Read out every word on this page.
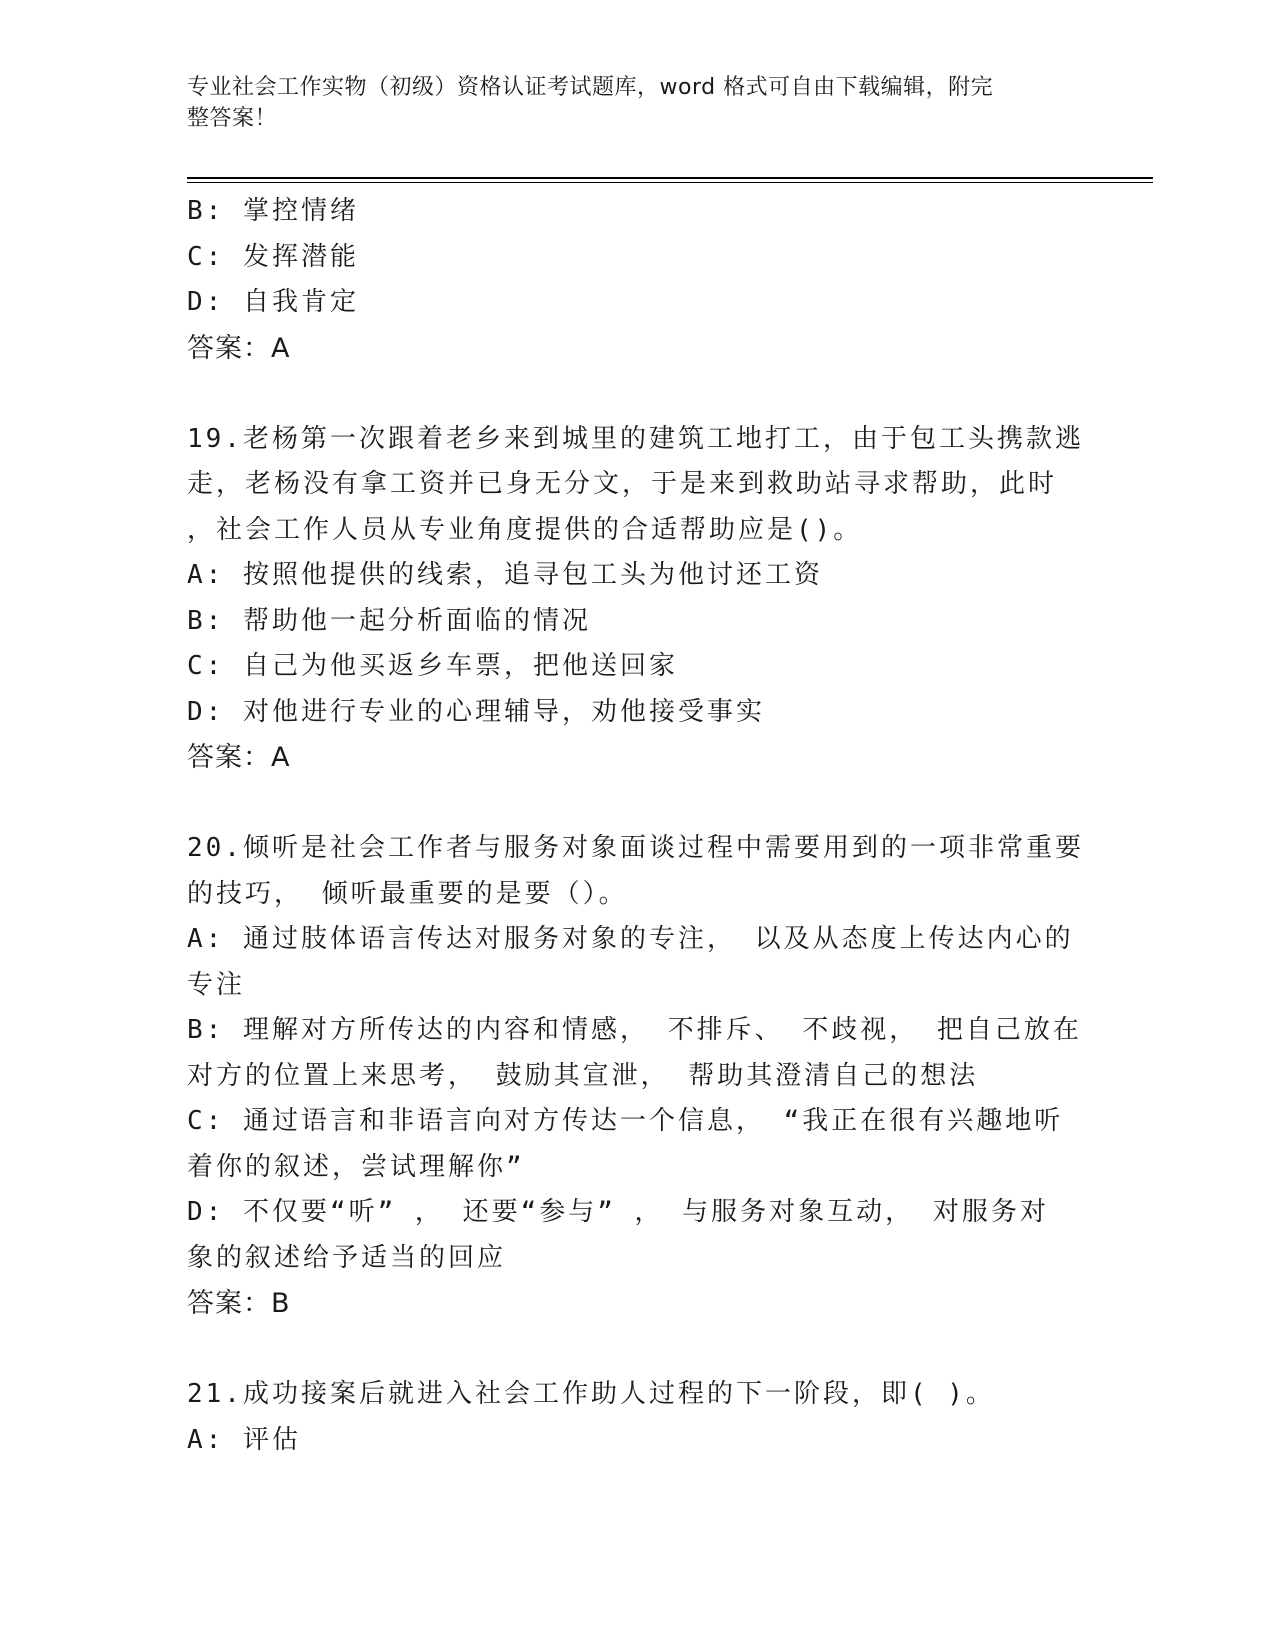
专业社会工作实物（初级）资格认证考试题库，word 格式可自由下载编辑，附完
整答案！

B: 掌控情绪

C: 发挥潜能

D: 自我肯定

答案：A

19.老杨第一次跟着老乡来到城里的建筑工地打工，由于包工头携款逃

走，老杨没有拿工资并已身无分文，于是来到救助站寻求帮助，此时

，社会工作人员从专业角度提供的合适帮助应是()。

A: 按照他提供的线索，追寻包工头为他讨还工资

B: 帮助他一起分析面临的情况

C: 自己为他买返乡车票，把他送回家

D: 对他进行专业的心理辅导，劝他接受事实

答案：A

20.倾听是社会工作者与服务对象面谈过程中需要用到的一项非常重要

的技巧， 倾听最重要的是要（）。

A: 通过肢体语言传达对服务对象的专注， 以及从态度上传达内心的

专注

B: 理解对方所传达的内容和情感， 不排斥、 不歧视， 把自己放在

对方的位置上来思考， 鼓励其宣泄， 帮助其澄清自己的想法

C: 通过语言和非语言向对方传达一个信息， “我正在很有兴趣地听

着你的叙述，尝试理解你”

D: 不仅要“听” ， 还要“参与” ， 与服务对象互动， 对服务对

象的叙述给予适当的回应

答案：B

21.成功接案后就进入社会工作助人过程的下一阶段，即( )。

A: 评估
